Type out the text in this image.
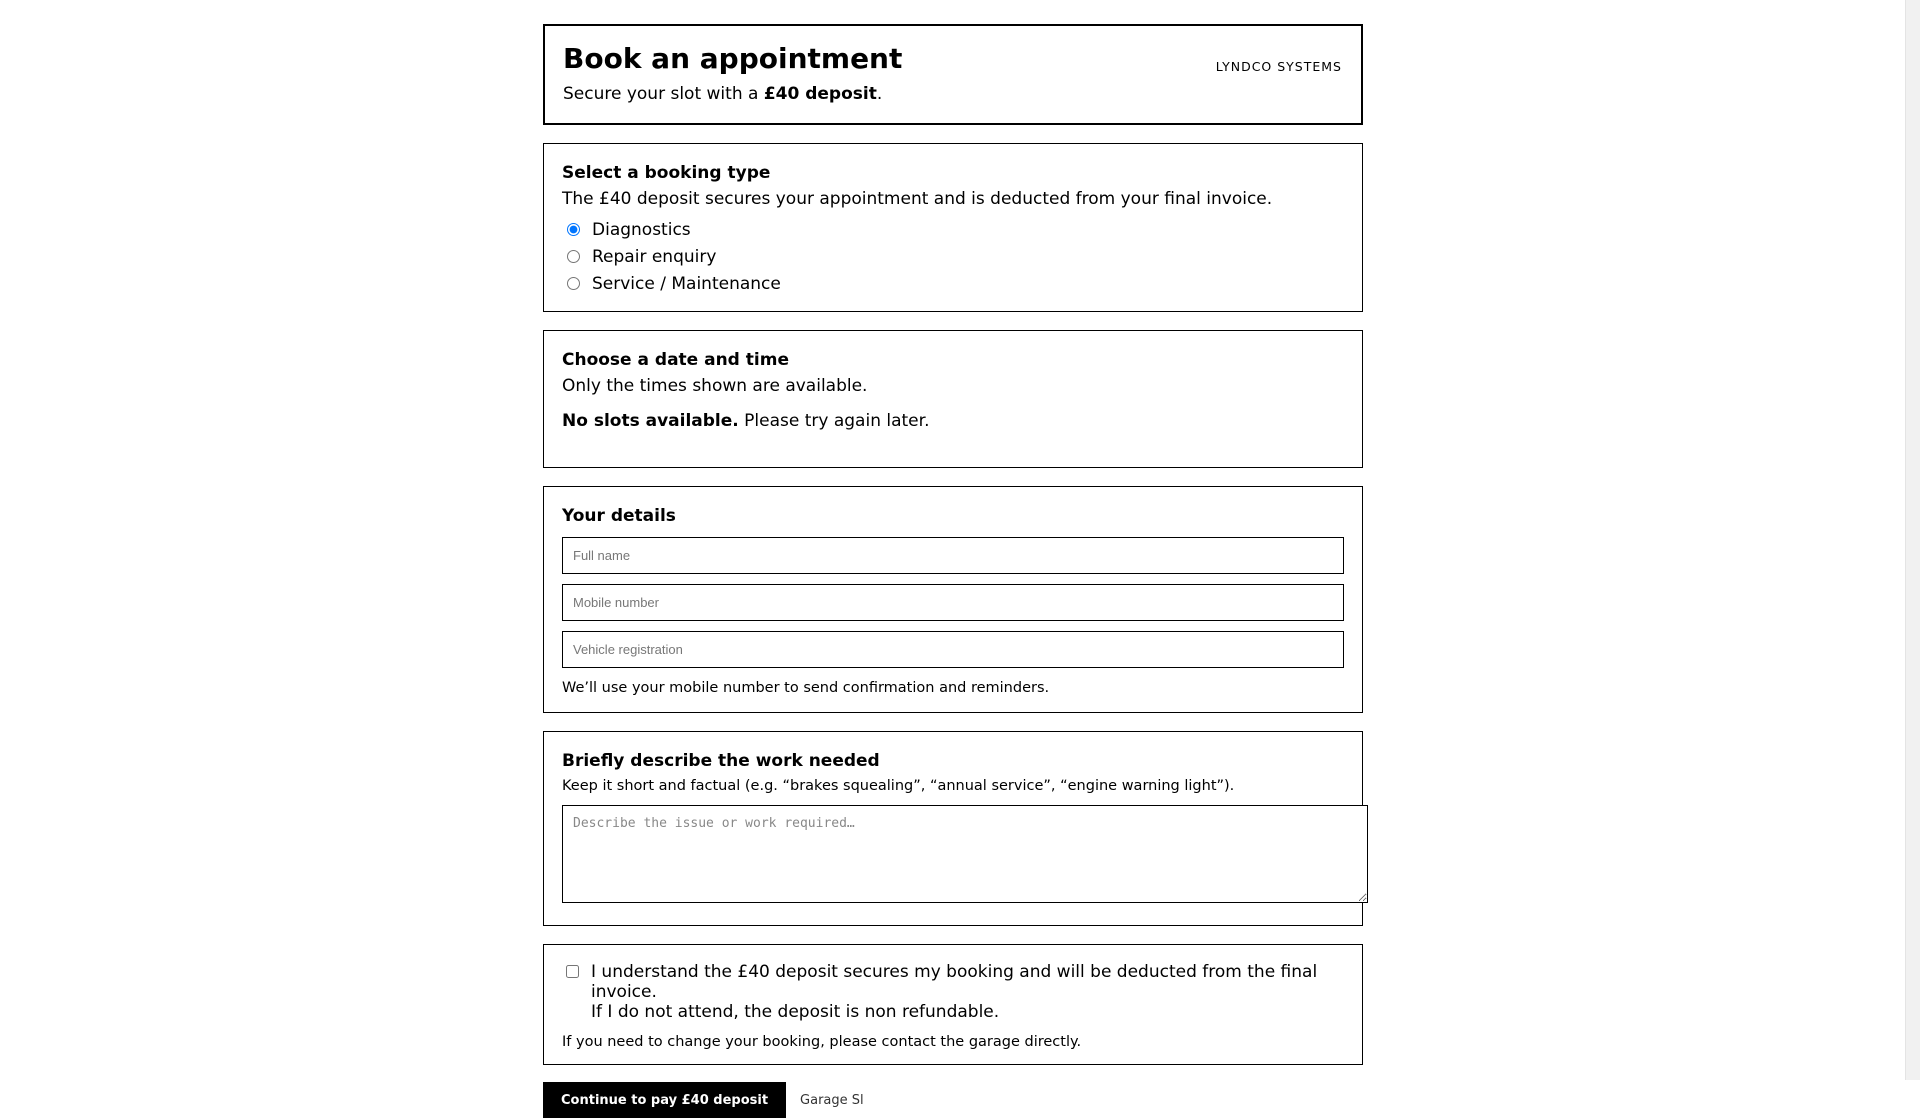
Book an appointment
Secure your slot with a £40 deposit.
LYNDCO SYSTEMS
Select a booking type
The £40 deposit secures your appointment and is deducted from your final invoice.
Diagnostics
Repair enquiry
Service / Maintenance
Choose a date and time
Only the times shown are available.
No slots available. Please try again later.
Your details
Full name
Mobile number
Vehicle registration
We’ll use your mobile number to send confirmation and reminders.
Briefly describe the work needed
Keep it short and factual (e.g. “brakes squealing”, “annual service”, “engine warning light”).
Describe the issue or work required…
I understand the £40 deposit secures my booking and will be deducted from the final invoice.
If I do not attend, the deposit is non refundable.
If you need to change your booking, please contact the garage directly.
Continue to pay £40 deposit	Garage Sl
